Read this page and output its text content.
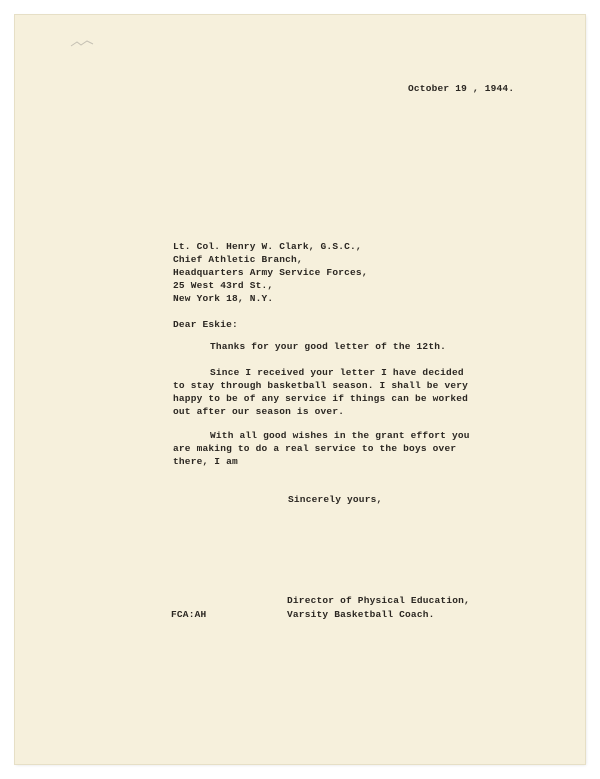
October 19 , 1944.
Lt. Col. Henry W. Clark, G.S.C.,
Chief Athletic Branch,
Headquarters Army Service Forces,
25 West 43rd St.,
New York 18, N.Y.
Dear Eskie:
Thanks for your good letter of the 12th.
Since I received your letter I have decided
to stay through basketball season. I shall be very
happy to be of any service if things can be worked
out after our season is over.
With all good wishes in the grant effort you
are making to do a real service to the boys over
there, I am
Sincerely yours,
Director of Physical Education,
Varsity Basketball Coach.
FCA:AH
